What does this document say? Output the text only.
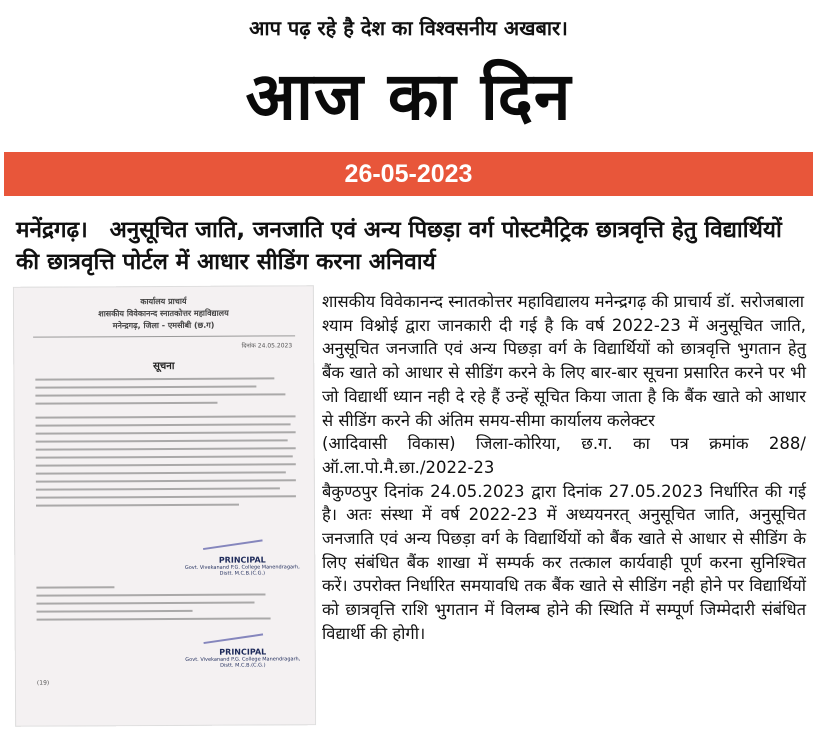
आप पढ़ रहे है देश का विश्वसनीय अखबार।
आज का दिन
26-05-2023
मनेंद्रगढ़। अनुसूचित जाति, जनजाति एवं अन्य पिछड़ा वर्ग पोस्टमैट्रिक छात्रवृत्ति हेतु विद्यार्थियों की छात्रवृत्ति पोर्टल में आधार सीडिंग करना अनिवार्य
कार्यालय प्राचार्य
शासकीय विवेकानन्द स्नातकोत्तर महाविद्यालय
मनेन्द्रगढ़, जिला - एमसीबी (छ.ग)
दिनांक 24.05.2023
सूचना
PRINCIPAL
Govt. Vivekanand P.G. College Manendragarh, Distt. M.C.B.(C.G.)
PRINCIPAL
Govt. Vivekanand P.G. College Manendragarh, Distt. M.C.B.(C.G.)
(19)

शासकीय विवेकानन्द स्नातकोत्तर महाविद्यालय मनेन्द्रगढ़ की प्राचार्य डॉ. सरोजबाला

श्याम विश्नोई द्वारा जानकारी दी गई है कि वर्ष 2022-23 में अनुसूचित जाति, अनुसूचित जनजाति एवं अन्य पिछड़ा वर्ग के विद्यार्थियों को छात्रवृत्ति भुगतान हेतु बैंक खाते को आधार से सीडिंग करने के लिए बार-बार सूचना प्रसारित करने पर भी जो विद्यार्थी ध्यान नही दे रहे हैं उन्हें सूचित किया जाता है कि बैंक खाते को आधार से सीडिंग करने की अंतिम समय-सीमा कार्यालय कलेक्टर

(आदिवासी विकास) जिला-कोरिया, छ.ग. का पत्र क्रमांक 288/ ऑ.ला.पो.मै.छा./2022-23

बैकुण्ठपुर दिनांक 24.05.2023 द्वारा दिनांक 27.05.2023 निर्धारित की गई है। अतः संस्था में वर्ष 2022-23 में अध्ययनरत् अनुसूचित जाति, अनुसूचित जनजाति एवं अन्य पिछड़ा वर्ग के विद्यार्थियों को बैंक खाते से आधार से सीडिंग के लिए संबंधित बैंक शाखा में सम्पर्क कर तत्काल कार्यवाही पूर्ण करना सुनिश्चित करें। उपरोक्त निर्धारित समयावधि तक बैंक खाते से सीडिंग नही होने पर विद्यार्थियों को छात्रवृत्ति राशि भुगतान में विलम्ब होने की स्थिति में सम्पूर्ण जिम्मेदारी संबंधित विद्यार्थी की होगी।
